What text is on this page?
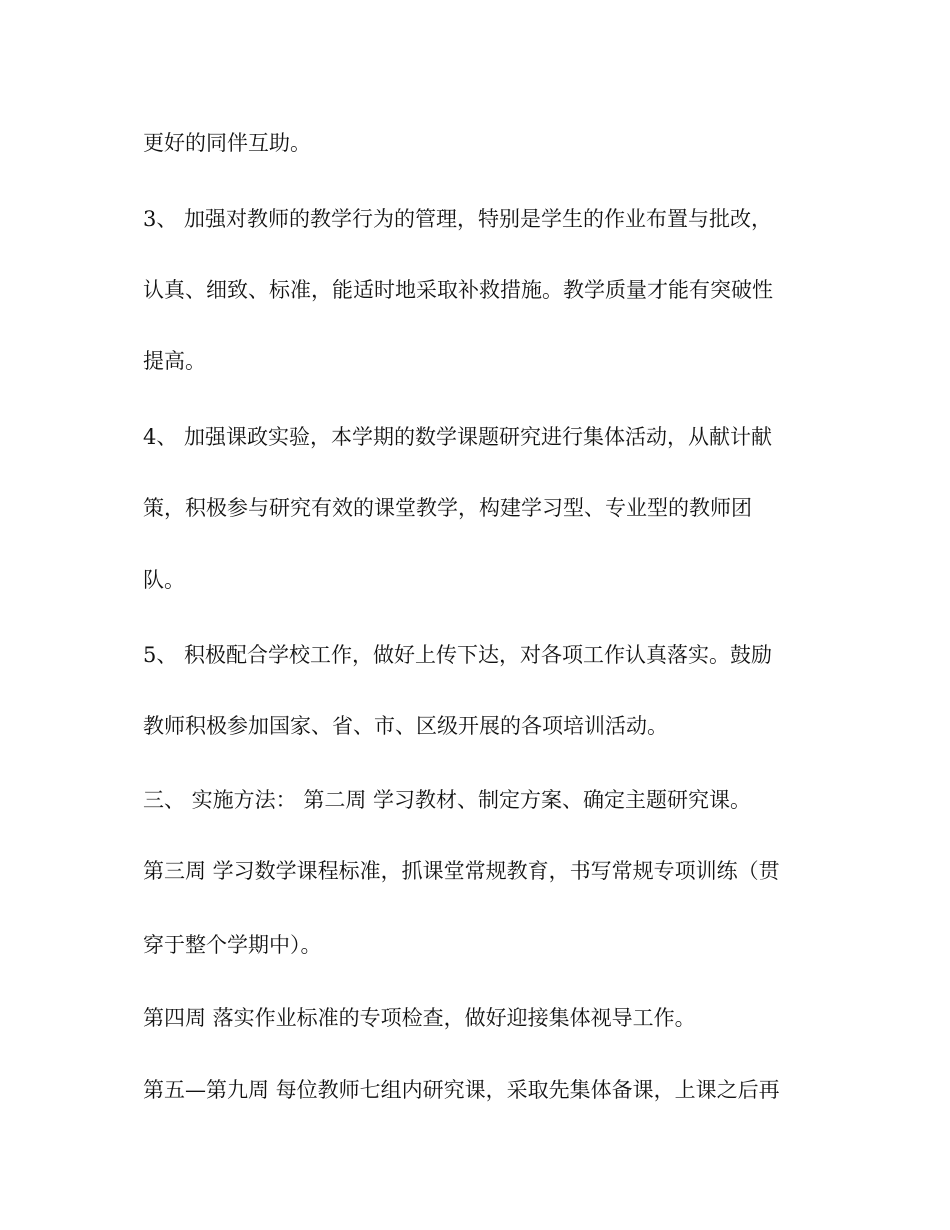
更好的同伴互助。

3、 加强对教师的教学行为的管理，特别是学生的作业布置与批改，

认真、细致、标准，能适时地采取补救措施。教学质量才能有突破性

提高。

4、 加强课政实验，本学期的数学课题研究进行集体活动，从献计献

策，积极参与研究有效的课堂教学，构建学习型、专业型的教师团

队。

5、 积极配合学校工作，做好上传下达，对各项工作认真落实。鼓励

教师积极参加国家、省、市、区级开展的各项培训活动。

三、 实施方法： 第二周 学习教材、制定方案、确定主题研究课。

第三周 学习数学课程标准，抓课堂常规教育，书写常规专项训练（贯

穿于整个学期中）。

第四周 落实作业标准的专项检查，做好迎接集体视导工作。

第五—第九周 每位教师七组内研究课，采取先集体备课，上课之后再
